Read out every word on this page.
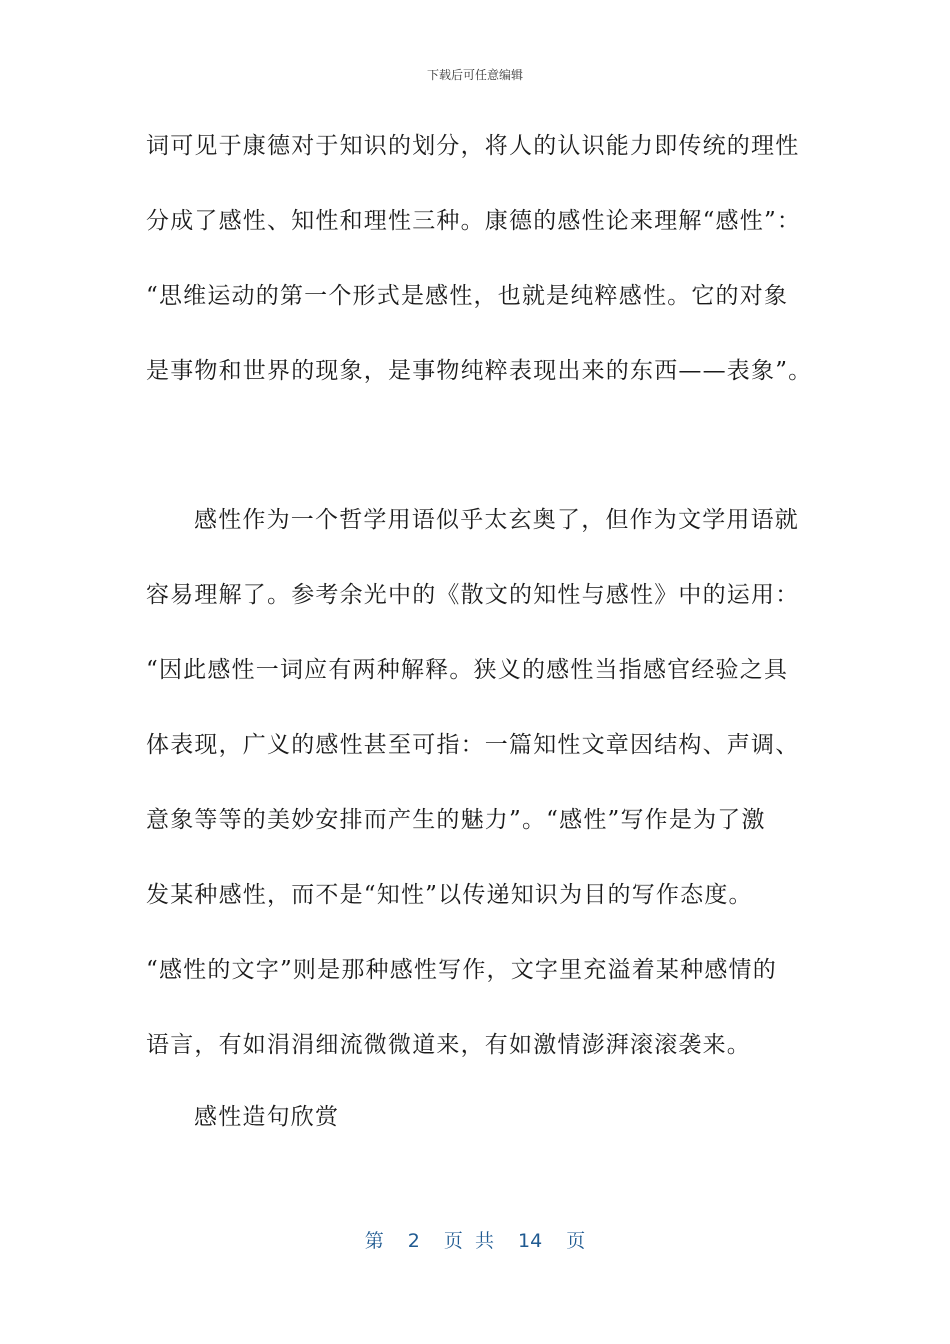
下载后可任意编辑
词可见于康德对于知识的划分，将人的认识能力即传统的理性
分成了感性、知性和理性三种。康德的感性论来理解“感性”：
“思维运动的第一个形式是感性，也就是纯粹感性。它的对象
是事物和世界的现象，是事物纯粹表现出来的东西——表象”。
感性作为一个哲学用语似乎太玄奥了，但作为文学用语就
容易理解了。参考余光中的《散文的知性与感性》中的运用：
“因此感性一词应有两种解释。狭义的感性当指感官经验之具
体表现，广义的感性甚至可指：一篇知性文章因结构、声调、
意象等等的美妙安排而产生的魅力”。“感性”写作是为了激
发某种感性，而不是“知性”以传递知识为目的写作态度。
“感性的文字”则是那种感性写作，文字里充溢着某种感情的
语言，有如涓涓细流微微道来，有如激情澎湃滚滚袭来。
感性造句欣赏
第 2 页 共 14 页
